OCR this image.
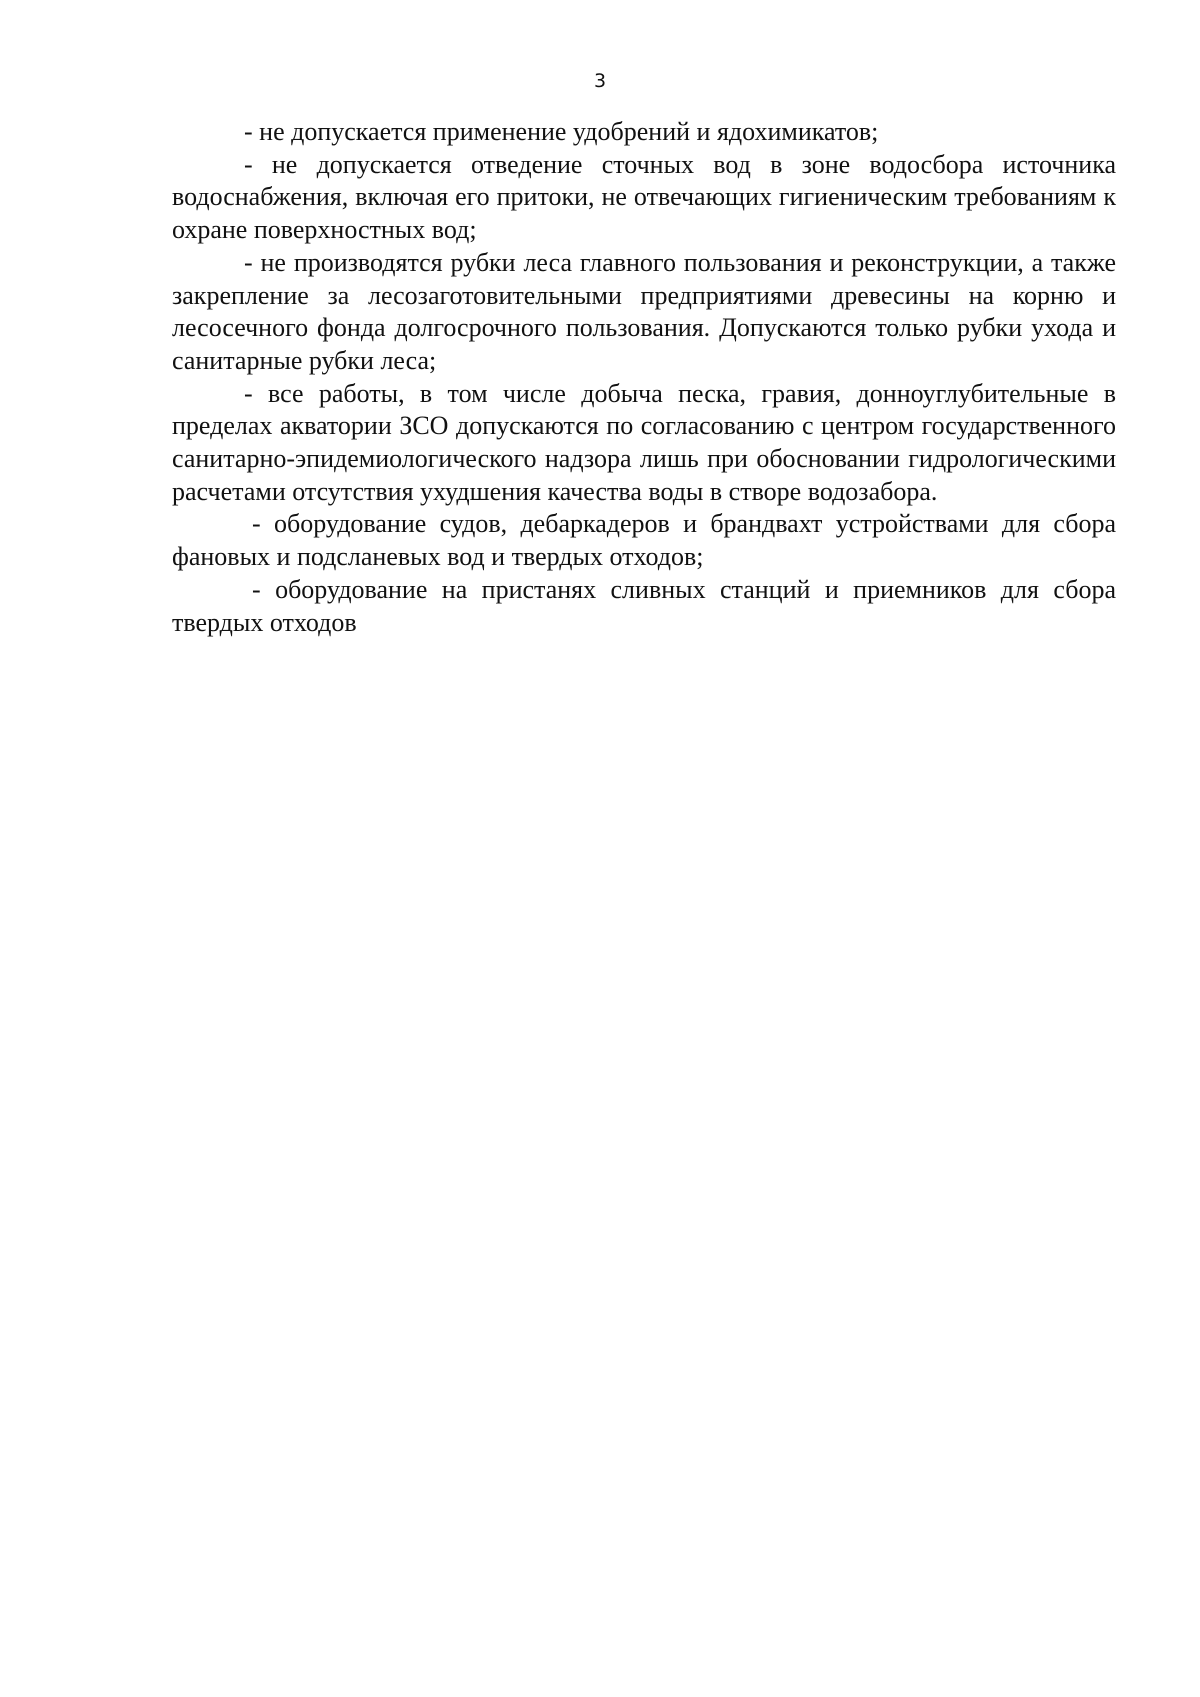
3

- не допускается применение удобрений и ядохимикатов;

- не допускается отведение сточных вод в зоне водосбора источника водоснабжения, включая его притоки, не отвечающих гигиеническим требованиям к охране поверхностных вод;

- не производятся рубки леса главного пользования и реконструкции, а также закрепление за лесозаготовительными предприятиями древесины на корню и лесосечного фонда долгосрочного пользования. Допускаются только рубки ухода и санитарные рубки леса;

- все работы, в том числе добыча песка, гравия, донноуглубительные в пределах акватории ЗСО допускаются по согласованию с центром государственного санитарно-эпидемиологического надзора лишь при обосновании гидрологическими расчетами отсутствия ухудшения качества воды в створе водозабора.

- оборудование судов, дебаркадеров и брандвахт устройствами для сбора фановых и подсланевых вод и твердых отходов;

- оборудование на пристанях сливных станций и приемников для сбора твердых отходов
